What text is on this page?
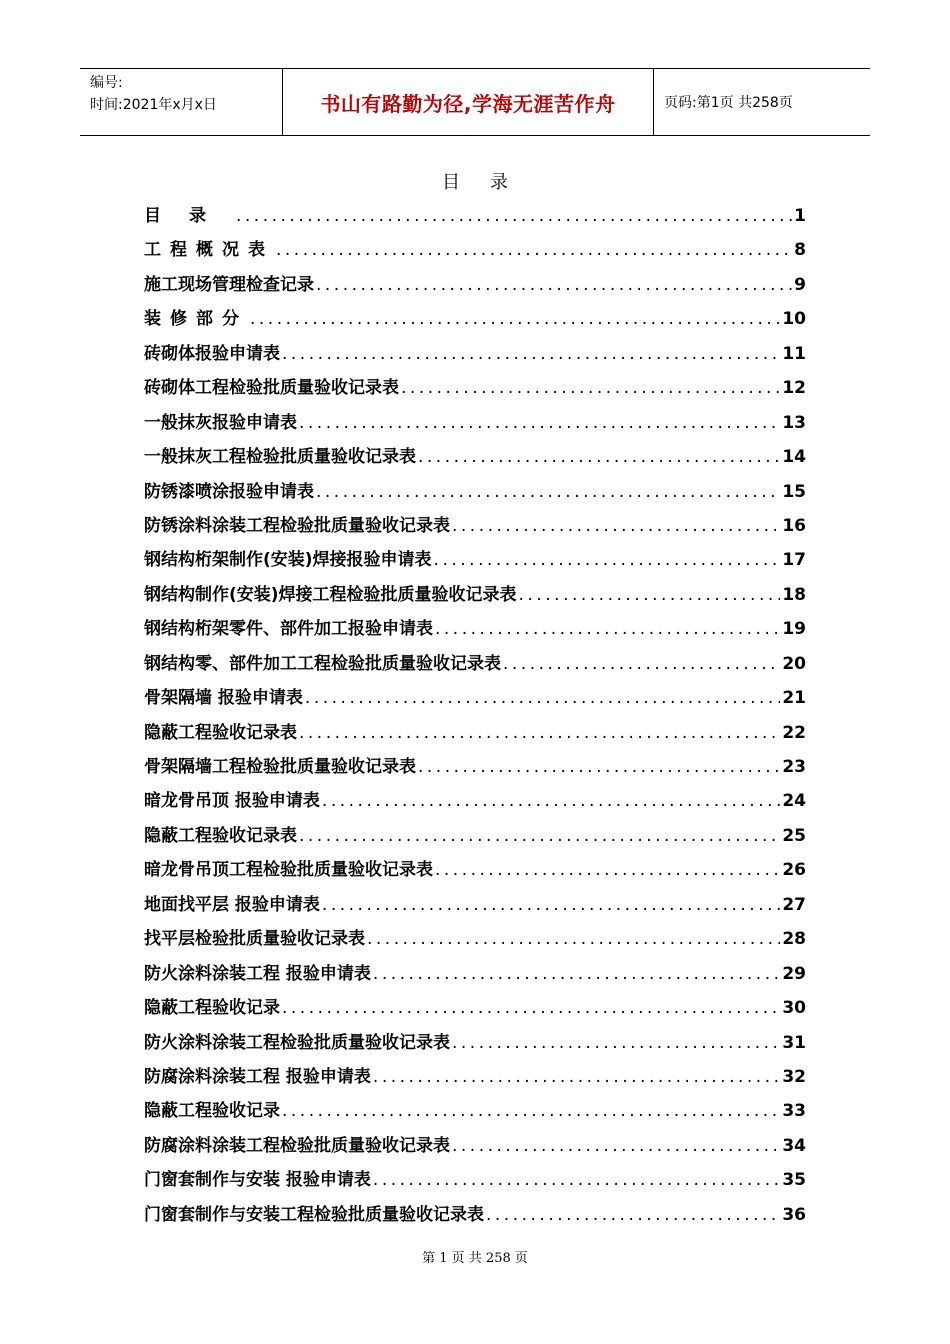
编号:
时间:2021年x月x日	书山有路勤为径,学海无涯苦作舟	页码:第1页 共258页
目录
目录 .....	1
工程概况表 .....	8
施工现场管理检查记录 .....	9
装修部分 .....	10
砖砌体报验申请表 .....	11
砖砌体工程检验批质量验收记录表 .....	12
一般抹灰报验申请表 .....	13
一般抹灰工程检验批质量验收记录表 .....	14
防锈漆喷涂报验申请表 .....	15
防锈涂料涂装工程检验批质量验收记录表 .....	16
钢结构桁架制作(安装)焊接报验申请表 .....	17
钢结构制作(安装)焊接工程检验批质量验收记录表 .....	18
钢结构桁架零件、部件加工报验申请表 .....	19
钢结构零、部件加工工程检验批质量验收记录表 .....	20
骨架隔墙 报验申请表 .....	21
隐蔽工程验收记录表 .....	22
骨架隔墙工程检验批质量验收记录表 .....	23
暗龙骨吊顶 报验申请表 .....	24
隐蔽工程验收记录表 .....	25
暗龙骨吊顶工程检验批质量验收记录表 .....	26
地面找平层 报验申请表 .....	27
找平层检验批质量验收记录表 .....	28
防火涂料涂装工程 报验申请表 .....	29
隐蔽工程验收记录 .....	30
防火涂料涂装工程检验批质量验收记录表 .....	31
防腐涂料涂装工程 报验申请表 .....	32
隐蔽工程验收记录 .....	33
防腐涂料涂装工程检验批质量验收记录表 .....	34
门窗套制作与安装 报验申请表 .....	35
门窗套制作与安装工程检验批质量验收记录表 .....	36
第 1 页 共 258 页
